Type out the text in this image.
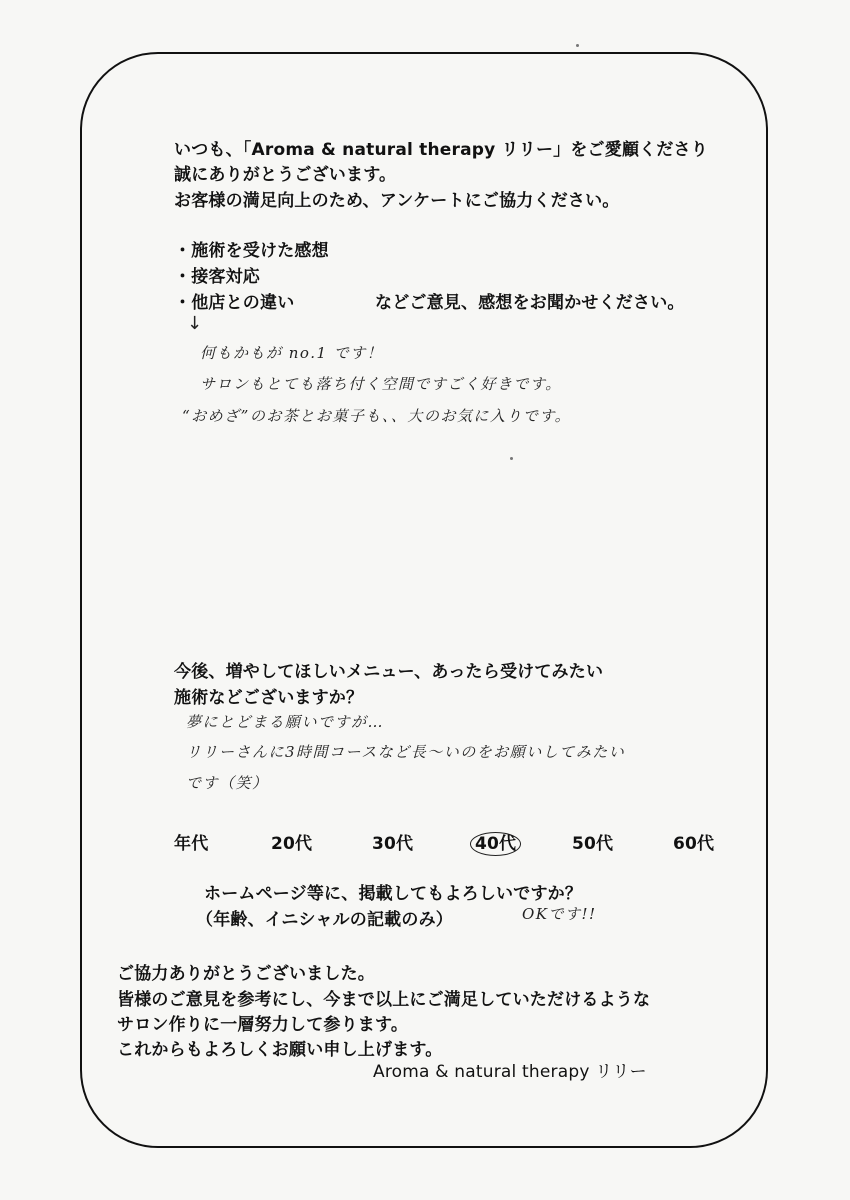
いつも、「Aroma & natural therapy リリー」をご愛顧くださり
誠にありがとうございます。
お客様の満足向上のため、アンケートにご協力ください。
・施術を受けた感想
・接客対応
・他店との違い	などご意見、感想をお聞かせください。
↓
何もかもが no.1 です！
サロンもとても落ち付く空間ですごく好きです。
“おめざ”のお茶とお菓子も、、大のお気に入りです。
今後、増やしてほしいメニュー、あったら受けてみたい
施術などございますか？
夢にとどまる願いですが…
リリーさんに3時間コースなど長〜いのをお願いしてみたい
です（笑）
年代	20代	30代	40代	50代	60代
ホームページ等に、掲載してもよろしいですか？
（年齢、イニシャルの記載のみ）	OKです!!
ご協力ありがとうございました。
皆様のご意見を参考にし、今まで以上にご満足していただけるような
サロン作りに一層努力して参ります。
これからもよろしくお願い申し上げます。
Aroma & natural therapy リリー
